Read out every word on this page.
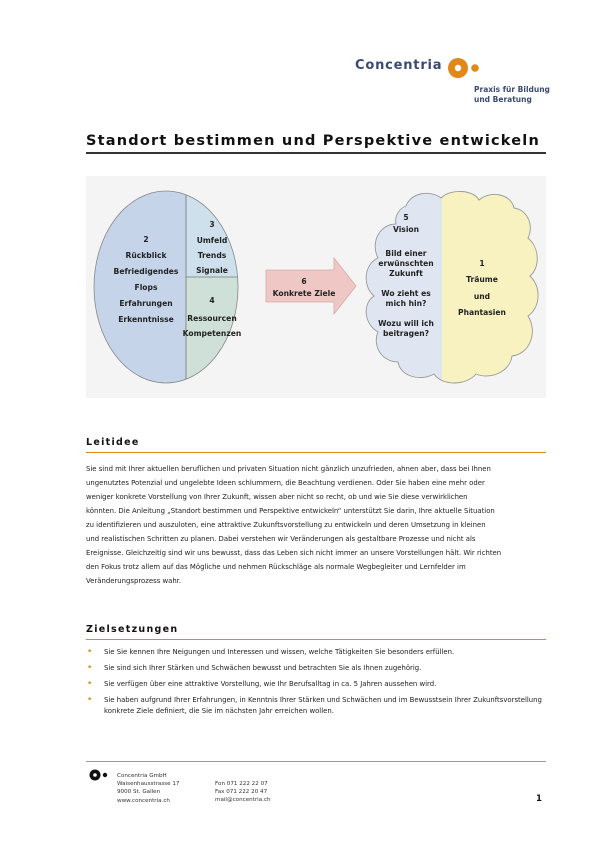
Concentria
Praxis für Bildung
und Beratung
Standort bestimmen und Perspektive entwickeln
2
Rückblick
Befriedigendes
Flops
Erfahrungen
Erkenntnisse
3
Umfeld
Trends
Signale
4
Ressourcen
Kompetenzen
6
Konkrete Ziele
5
Vision
Bild einer
erwünschten
Zukunft
Wo zieht es
mich hin?
Wozu will ich
beitragen?
1
Träume
und
Phantasien
Leitidee
Sie sind mit Ihrer aktuellen beruflichen und privaten Situation nicht gänzlich unzufrieden, ahnen aber, dass bei Ihnen
ungenutztes Potenzial und ungelebte Ideen schlummern, die Beachtung verdienen. Oder Sie haben eine mehr oder
weniger konkrete Vorstellung von Ihrer Zukunft, wissen aber nicht so recht, ob und wie Sie diese verwirklichen
könnten. Die Anleitung „Standort bestimmen und Perspektive entwickeln“ unterstützt Sie darin, Ihre aktuelle Situation
zu identifizieren und auszuloten, eine attraktive Zukunftsvorstellung zu entwickeln und deren Umsetzung in kleinen
und realistischen Schritten zu planen. Dabei verstehen wir Veränderungen als gestaltbare Prozesse und nicht als
Ereignisse. Gleichzeitig sind wir uns bewusst, dass das Leben sich nicht immer an unsere Vorstellungen hält. Wir richten
den Fokus trotz allem auf das Mögliche und nehmen Rückschläge als normale Wegbegleiter und Lernfelder im
Veränderungsprozess wahr.
Zielsetzungen
• Sie Sie kennen Ihre Neigungen und Interessen und wissen, welche Tätigkeiten Sie besonders erfüllen.
• Sie sind sich Ihrer Stärken und Schwächen bewusst und betrachten Sie als Ihnen zugehörig.
• Sie verfügen über eine attraktive Vorstellung, wie Ihr Berufsalltag in ca. 5 Jahren aussehen wird.
• Sie haben aufgrund Ihrer Erfahrungen, in Kenntnis Ihrer Stärken und Schwächen und im Bewusstsein Ihrer Zukunftsvorstellung konkrete Ziele definiert, die Sie im nächsten Jahr erreichen wollen.
Concentria GmbH
Waisenhausstrasse 17
9000 St. Gallen
www.concentria.ch
Fon 071 222 22 07
Fax 071 222 20 47
mail@concentria.ch	1
